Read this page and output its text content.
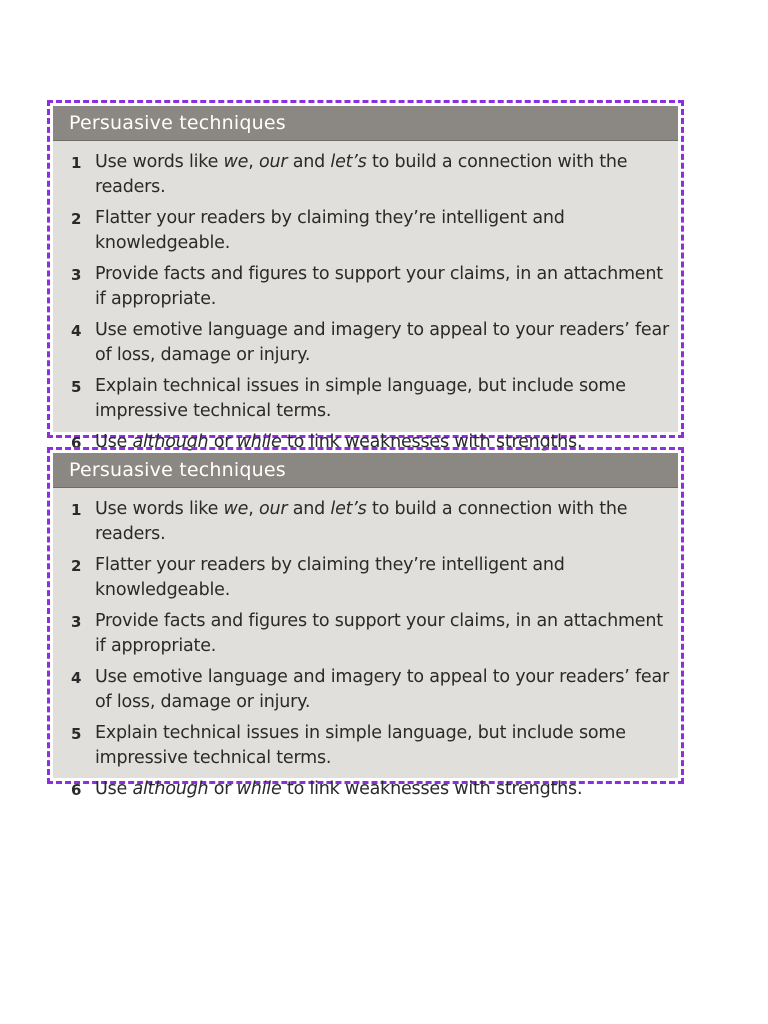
Persuasive techniques
1 Use words like we, our and let’s to build a connection with the readers.
2 Flatter your readers by claiming they’re intelligent and knowledgeable.
3 Provide facts and figures to support your claims, in an attachment if appropriate.
4 Use emotive language and imagery to appeal to your readers’ fear of loss, damage or injury.
5 Explain technical issues in simple language, but include some impressive technical terms.
6 Use although or while to link weaknesses with strengths.
Persuasive techniques
1 Use words like we, our and let’s to build a connection with the readers.
2 Flatter your readers by claiming they’re intelligent and knowledgeable.
3 Provide facts and figures to support your claims, in an attachment if appropriate.
4 Use emotive language and imagery to appeal to your readers’ fear of loss, damage or injury.
5 Explain technical issues in simple language, but include some impressive technical terms.
6 Use although or while to link weaknesses with strengths.
